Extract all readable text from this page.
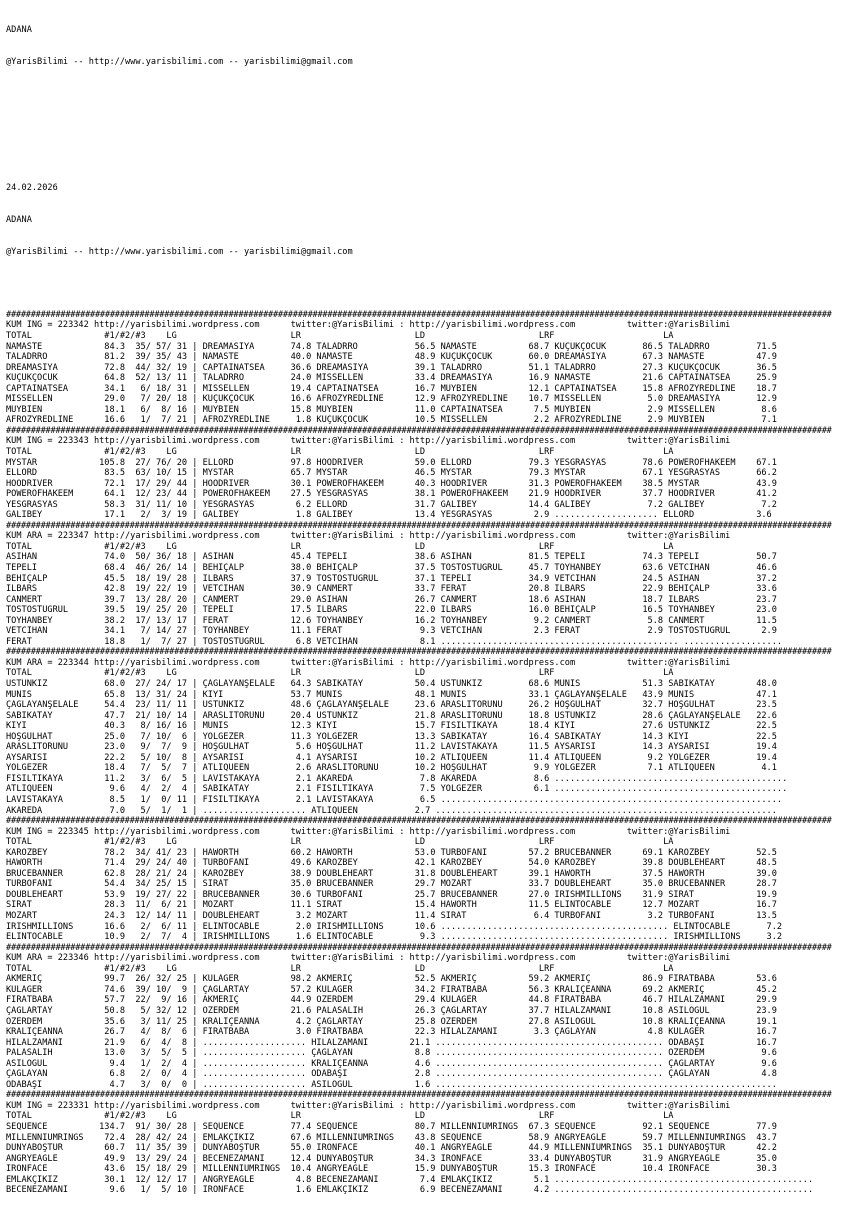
ADANA

@YarisBilimi -- http://www.yarisbilimi.com -- yarisbilimi@gmail.com

24.02.2026

ADANA

@YarisBilimi -- http://www.yarisbilimi.com -- yarisbilimi@gmail.com

#######################################################################################################################################################################
KUM ING = 223342 http://yarisbilimi.wordpress.com      twitter:@YarisBilimi : http://yarisbilimi.wordpress.com          twitter:@YarisBilimi
TOTAL              #1/#2/#3    LG                      LR                      LD                      LRF                     LA
NAMASTE            84.3  35/ 57/ 31 | DREAMASIYA       74.8 TALADRRO           56.5 NAMASTE          68.7 KÜÇÜKÇOCUK       86.5 TALADRRO         71.5
TALADRRO           81.2  39/ 35/ 43 | NAMASTE          40.0 NAMASTE            48.9 KÜÇÜKÇOCUK       60.0 DREAMASIYA       67.3 NAMASTE          47.9
DREAMASIYA         72.8  44/ 32/ 19 | CAPTAINATSEA     36.6 DREAMASIYA         39.1 TALADRRO         51.1 TALADRRO         27.3 KÜÇÜKÇOCUK       36.5
KÜÇÜKÇOCUK         64.8  52/ 13/ 11 | TALADRRO         24.0 MISSELLEN          33.4 DREAMASIYA       16.9 NAMASTE          21.6 CAPTAINATSEA     25.9
CAPTAINATSEA       34.1   6/ 18/ 31 | MISSELLEN        19.4 CAPTAINATSEA       16.7 MUYBIEN          12.1 CAPTAINATSEA     15.8 AFROZYREDLINE    18.7
MISSELLEN          29.0   7/ 20/ 18 | KÜÇÜKÇOCUK       16.6 AFROZYREDLINE      12.9 AFROZYREDLINE    10.7 MISSELLEN         5.0 DREAMASIYA       12.9
MUYBIEN            18.1   6/  8/ 16 | MUYBIEN          15.8 MUYBIEN            11.0 CAPTAINATSEA      7.5 MUYBIEN           2.9 MISSELLEN         8.6
AFROZYREDLINE      16.6   1/  7/ 21 | AFROZYREDLINE     1.8 KÜÇÜKÇOCUK         10.5 MISSELLEN         2.2 AFROZYREDLINE     2.9 MUYBIEN           7.1
#######################################################################################################################################################################
KUM ING = 223343 http://yarisbilimi.wordpress.com      twitter:@YarisBilimi : http://yarisbilimi.wordpress.com          twitter:@YarisBilimi
TOTAL              #1/#2/#3    LG                      LR                      LD                      LRF                     LA
MYSTAR            105.8  27/ 76/ 20 | ELLORD           97.8 HOODRIVER          59.0 ELLORD           79.3 YESGRASYAS       78.6 POWEROFHAKEEM    67.1
ELLORD             83.5  63/ 10/ 15 | MYSTAR           65.7 MYSTAR             46.5 MYSTAR           79.3 MYSTAR           67.1 YESGRASYAS       66.2
HOODRIVER          72.1  17/ 29/ 44 | HOODRIVER        30.1 POWEROFHAKEEM      40.3 HOODRIVER        31.3 POWEROFHAKEEM    38.5 MYSTAR           43.9
POWEROFHAKEEM      64.1  12/ 23/ 44 | POWEROFHAKEEM    27.5 YESGRASYAS         38.1 POWEROFHAKEEM    21.9 HOODRIVER        37.7 HOODRIVER        41.2
YESGRASYAS         58.3  31/ 11/ 10 | YESGRASYAS        6.2 ELLORD             31.7 GALIBEY          14.4 GALIBEY           7.2 GALIBEY           7.2
GALIBEY            17.1   2/  3/ 19 | GALIBEY           1.8 GALIBEY            13.4 YESGRASYAS        2.9 .................... ELLORD            3.6
#######################################################################################################################################################################
KUM ARA = 223347 http://yarisbilimi.wordpress.com      twitter:@YarisBilimi : http://yarisbilimi.wordpress.com          twitter:@YarisBilimi
TOTAL              #1/#2/#3    LG                      LR                      LD                      LRF                     LA
ASİHAN             74.0  50/ 36/ 18 | ASİHAN           45.4 TEPELİ             38.6 ASİHAN           81.5 TEPELİ           74.3 TEPELİ           50.7
TEPELİ             68.4  46/ 26/ 14 | BEHİÇALP         38.0 BEHİÇALP           37.5 TOSTOSTUĞRUL     45.7 TOYHANBEY        63.6 VETCİHAN         46.6
BEHİÇALP           45.5  18/ 19/ 28 | İLBARS           37.9 TOSTOSTUĞRUL       37.1 TEPELİ           34.9 VETCİHAN         24.5 ASİHAN           37.2
İLBARS             42.8  19/ 22/ 19 | VETCİHAN         30.9 CANMERT            33.7 FERAT            20.8 İLBARS           22.9 BEHİÇALP         33.6
CANMERT            39.7  13/ 28/ 20 | CANMERT          29.0 ASİHAN             26.7 CANMERT          18.6 ASİHAN           18.7 İLBARS           23.7
TOSTOSTUĞRUL       39.5  19/ 25/ 20 | TEPELİ           17.5 İLBARS             22.0 İLBARS           16.0 BEHİÇALP         16.5 TOYHANBEY        23.0
TOYHANBEY          38.2  17/ 13/ 17 | FERAT            12.6 TOYHANBEY          16.2 TOYHANBEY         9.2 CANMERT           5.8 CANMERT          11.5
VETCİHAN           34.1   7/ 14/ 27 | TOYHANBEY        11.1 FERAT               9.3 VETCİHAN          2.3 FERAT             2.9 TOSTOSTUĞRUL      2.9
FERAT              18.8   1/  7/ 27 | TOSTOSTUĞRUL      6.8 VETCİHAN            8.1 .............................................. ...................
#######################################################################################################################################################################
KUM ARA = 223344 http://yarisbilimi.wordpress.com      twitter:@YarisBilimi : http://yarisbilimi.wordpress.com          twitter:@YarisBilimi
TOTAL              #1/#2/#3    LG                      LR                      LD                      LRF                     LA
ÜSTÜNKIZ           68.0  27/ 24/ 17 | ÇAĞLAYANŞELALE   64.3 SABIKATAY          50.4 ÜSTÜNKIZ         68.6 MUNİS            51.3 SABIKATAY        48.0
MUNİS              65.8  13/ 31/ 24 | KIYI             53.7 MUNİS              48.1 MUNİS            33.1 ÇAĞLAYANŞELALE   43.9 MUNİS            47.1
ÇAĞLAYANŞELALE     54.4  23/ 11/ 11 | ÜSTÜNKIZ         48.6 ÇAĞLAYANŞELALE     23.6 ARASLITORUNU     26.2 HOŞGÜLHAT        32.7 HOŞGÜLHAT        23.5
SABIKATAY          47.7  21/ 10/ 14 | ARASLITORUNU     20.4 ÜSTÜNKIZ           21.8 ARASLITORUNU     18.8 ÜSTÜNKIZ         28.6 ÇAĞLAYANŞELALE   22.6
KIYI               40.3   8/ 16/ 16 | MUNİS            12.3 KIYI               15.7 FISILTIKAYA      18.4 KIYI             27.6 ÜSTÜNKIZ         22.5
HOŞGÜLHAT          25.0   7/ 10/  6 | YOLGEZER         11.3 YOLGEZER           13.3 SABIKATAY        16.4 SABIKATAY        14.3 KIYI             22.5
ARASLITORUNU       23.0   9/  7/  9 | HOŞGÜLHAT         5.6 HOŞGÜLHAT          11.2 LAVİSTAKAYA      11.5 AYSARISI         14.3 AYSARISI         19.4
AYSARISI           22.2   5/ 10/  8 | AYSARISI          4.1 AYSARISI           10.2 ATLIQUEEN        11.4 ATLIQUEEN         9.2 YOLGEZER         19.4
YOLGEZER           18.4   7/  5/  7 | ATLIQUEEN         2.6 ARASLITORUNU       10.2 HOŞGÜLHAT         9.9 YOLGEZER          7.1 ATLIQUEEN         4.1
FISILTIKAYA        11.2   3/  6/  5 | LAVİSTAKAYA       2.1 AKAREDA             7.8 AKAREDA           8.6 .............................................
ATLIQUEEN           9.6   4/  2/  4 | SABIKATAY         2.1 FISILTIKAYA         7.5 YOLGEZER          6.1 .............................................
LAVİSTAKAYA         8.5   1/  0/ 11 | FISILTIKAYA       2.1 LAVİSTAKAYA         6.5 ..................................................................
AKAREDA             7.0   5/  1/  1 | .................... ATLIQUEEN           2.7 ..................................................................
#######################################################################################################################################################################
KUM ING = 223345 http://yarisbilimi.wordpress.com      twitter:@YarisBilimi : http://yarisbilimi.wordpress.com          twitter:@YarisBilimi
TOTAL              #1/#2/#3    LG                      LR                      LD                      LRF                     LA
KAROZBEY           78.2  34/ 41/ 23 | HAWORTH          60.2 HAWORTH            53.0 TURBOFANI        57.2 BRUCEBANNER      69.1 KAROZBEY         52.5
HAWORTH            71.4  29/ 24/ 40 | TURBOFANI        49.6 KAROZBEY           42.1 KAROZBEY         54.0 KAROZBEY         39.8 DOUBLEHEART      48.5
BRUCEBANNER        62.8  28/ 21/ 24 | KAROZBEY         38.9 DOUBLEHEART        31.8 DOUBLEHEART      39.1 HAWORTH          37.5 HAWORTH          39.0
TURBOFANI          54.4  34/ 25/ 15 | SIRAT            35.0 BRUCEBANNER        29.7 MOZART           33.7 DOUBLEHEART      35.0 BRUCEBANNER      28.7
DOUBLEHEART        53.9  19/ 27/ 22 | BRUCEBANNER      30.6 TURBOFANI          25.7 BRUCEBANNER      27.0 IRISHMILLIONS    31.9 SIRAT            19.9
SIRAT              28.3  11/  6/ 21 | MOZART           11.1 SIRAT              15.4 HAWORTH          11.5 ELINTOCABLE      12.7 MOZART           16.7
MOZART             24.3  12/ 14/ 11 | DOUBLEHEART       3.2 MOZART             11.4 SIRAT             6.4 TURBOFANI         3.2 TURBOFANI        13.5
IRISHMILLIONS      16.6   2/  6/ 11 | ELINTOCABLE       2.0 IRISHMILLIONS      10.6 ............................................ ELINTOCABLE       7.2
ELINTOCABLE        10.9   2/  7/  4 | IRISHMILLIONS     1.6 ELINTOCABLE         9.3 ............................................ IRISHMILLIONS     3.2
#######################################################################################################################################################################
KUM ARA = 223346 http://yarisbilimi.wordpress.com      twitter:@YarisBilimi : http://yarisbilimi.wordpress.com          twitter:@YarisBilimi
TOTAL              #1/#2/#3    LG                      LR                      LD                      LRF                     LA
AKMERİÇ            99.7  26/ 32/ 25 | KULAGER          98.2 AKMERİÇ            52.5 AKMERİÇ          59.2 AKMERİÇ          86.9 FIRATBABA        53.6
KULAGER            74.6  39/ 10/  9 | ÇAĞLARTAY        57.2 KULAGER            34.2 FIRATBABA        56.3 KRALİÇEANNA      69.2 AKMERİÇ          45.2
FIRATBABA          57.7  22/  9/ 16 | AKMERİÇ          44.9 ÖZERDEM            29.4 KULAGER          44.8 FIRATBABA        46.7 HİLALZAMANI      29.9
ÇAĞLARTAY          50.8   5/ 32/ 12 | ÖZERDEM          21.6 PALASALİH          26.3 ÇAĞLARTAY        37.7 HİLALZAMANI      10.8 ASILOĞUL         23.9
ÖZERDEM            35.6   3/ 11/ 25 | KRALİÇEANNA       4.2 ÇAĞLARTAY          25.8 ÖZERDEM          27.8 ASILOĞUL         10.8 KRALİÇEANNA      19.1
KRALİÇEANNA        26.7   4/  8/  6 | FIRATBABA         3.0 FIRATBABA          22.3 HİLALZAMANI       3.3 ÇAĞLAYAN          4.8 KULAGER          16.7
HİLALZAMANI        21.9   6/  4/  8 | .................... HİLALZAMANI        21.1 ............................................ ODABAŞI          16.7
PALASALİH          13.0   3/  5/  5 | .................... ÇAĞLAYAN            8.8 ............................................ ÖZERDEM           9.6
ASILOĞUL            9.4   1/  2/  4 | .................... KRALİÇEANNA         4.6 ............................................ ÇAĞLARTAY         9.6
ÇAĞLAYAN            6.8   2/  0/  4 | .................... ODABAŞI             2.8 ............................................ ÇAĞLAYAN          4.8
ODABAŞI             4.7   3/  0/  0 | .................... ASILOĞUL            1.6 ..................................................................
#######################################################################################################################################################################
KUM ING = 223331 http://yarisbilimi.wordpress.com      twitter:@YarisBilimi : http://yarisbilimi.wordpress.com          twitter:@YarisBilimi
TOTAL              #1/#2/#3    LG                      LR                      LD                      LRF                     LA
SEQUENCE          134.7  91/ 30/ 28 | SEQUENCE         77.4 SEQUENCE           80.7 MILLENNIUMRINGS  67.3 SEQUENCE         92.1 SEQUENCE         77.9
MILLENNIUMRINGS    72.4  28/ 42/ 24 | EMLAKÇIKIZ       67.6 MILLENNIUMRINGS    43.8 SEQUENCE         58.9 ANGRYEAGLE       59.7 MILLENNIUMRINGS  43.7
DÜNYABOŞTUR        60.7  11/ 35/ 39 | DÜNYABOŞTUR      55.0 IRONFACE           40.1 ANGRYEAGLE       44.9 MILLENNIUMRINGS  35.1 DÜNYABOŞTUR      42.2
ANGRYEAGLE         49.9  13/ 29/ 24 | BECENEZAMANI     12.4 DÜNYABOŞTUR        34.3 IRONFACE         33.4 DÜNYABOŞTUR      31.9 ANGRYEAGLE       35.0
IRONFACE           43.6  15/ 18/ 29 | MILLENNIUMRINGS  10.4 ANGRYEAGLE         15.9 DÜNYABOŞTUR      15.3 IRONFACE         10.4 IRONFACE         30.3
EMLAKÇIKIZ         30.1  12/ 12/ 17 | ANGRYEAGLE        4.8 BECENEZAMANI        7.4 EMLAKÇIKIZ        5.1 ..................................................
BECENEZAMANI        9.6   1/  5/ 10 | IRONFACE          1.6 EMLAKÇIKIZ          6.9 BECENEZAMANI      4.2 ..................................................
